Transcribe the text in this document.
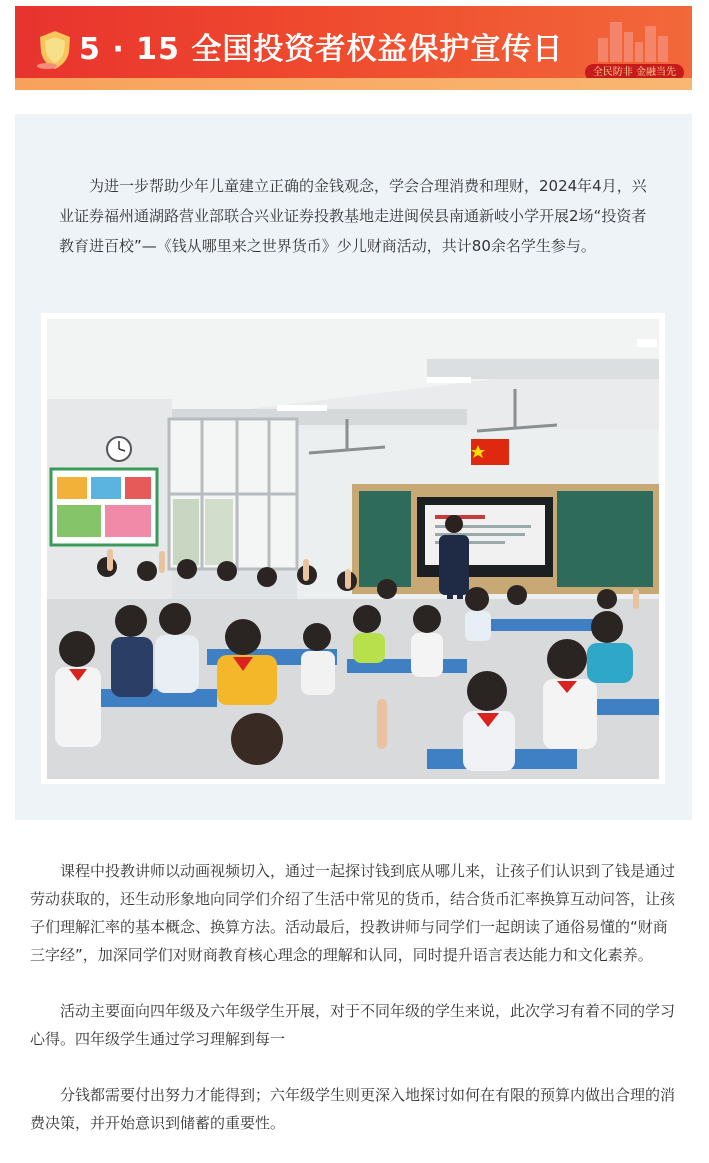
5 · 15 全国投资者权益保护宣传日
全民防非 金融当先

为进一步帮助少年儿童建立正确的金钱观念，学会合理消费和理财，2024年4月，兴业证券福州通湖路营业部联合兴业证券投教基地走进闽侯县南通新岐小学开展2场“投资者教育进百校”—《钱从哪里来之世界货币》少儿财商活动，共计80余名学生参与。

课程中投教讲师以动画视频切入，通过一起探讨钱到底从哪儿来，让孩子们认识到了钱是通过劳动获取的，还生动形象地向同学们介绍了生活中常见的货币，结合货币汇率换算互动问答，让孩子们理解汇率的基本概念、换算方法。活动最后，投教讲师与同学们一起朗读了通俗易懂的“财商三字经”，加深同学们对财商教育核心理念的理解和认同，同时提升语言表达能力和文化素养。

活动主要面向四年级及六年级学生开展，对于不同年级的学生来说，此次学习有着不同的学习心得。四年级学生通过学习理解到每一

分钱都需要付出努力才能得到；六年级学生则更深入地探讨如何在有限的预算内做出合理的消费决策，并开始意识到储蓄的重要性。
